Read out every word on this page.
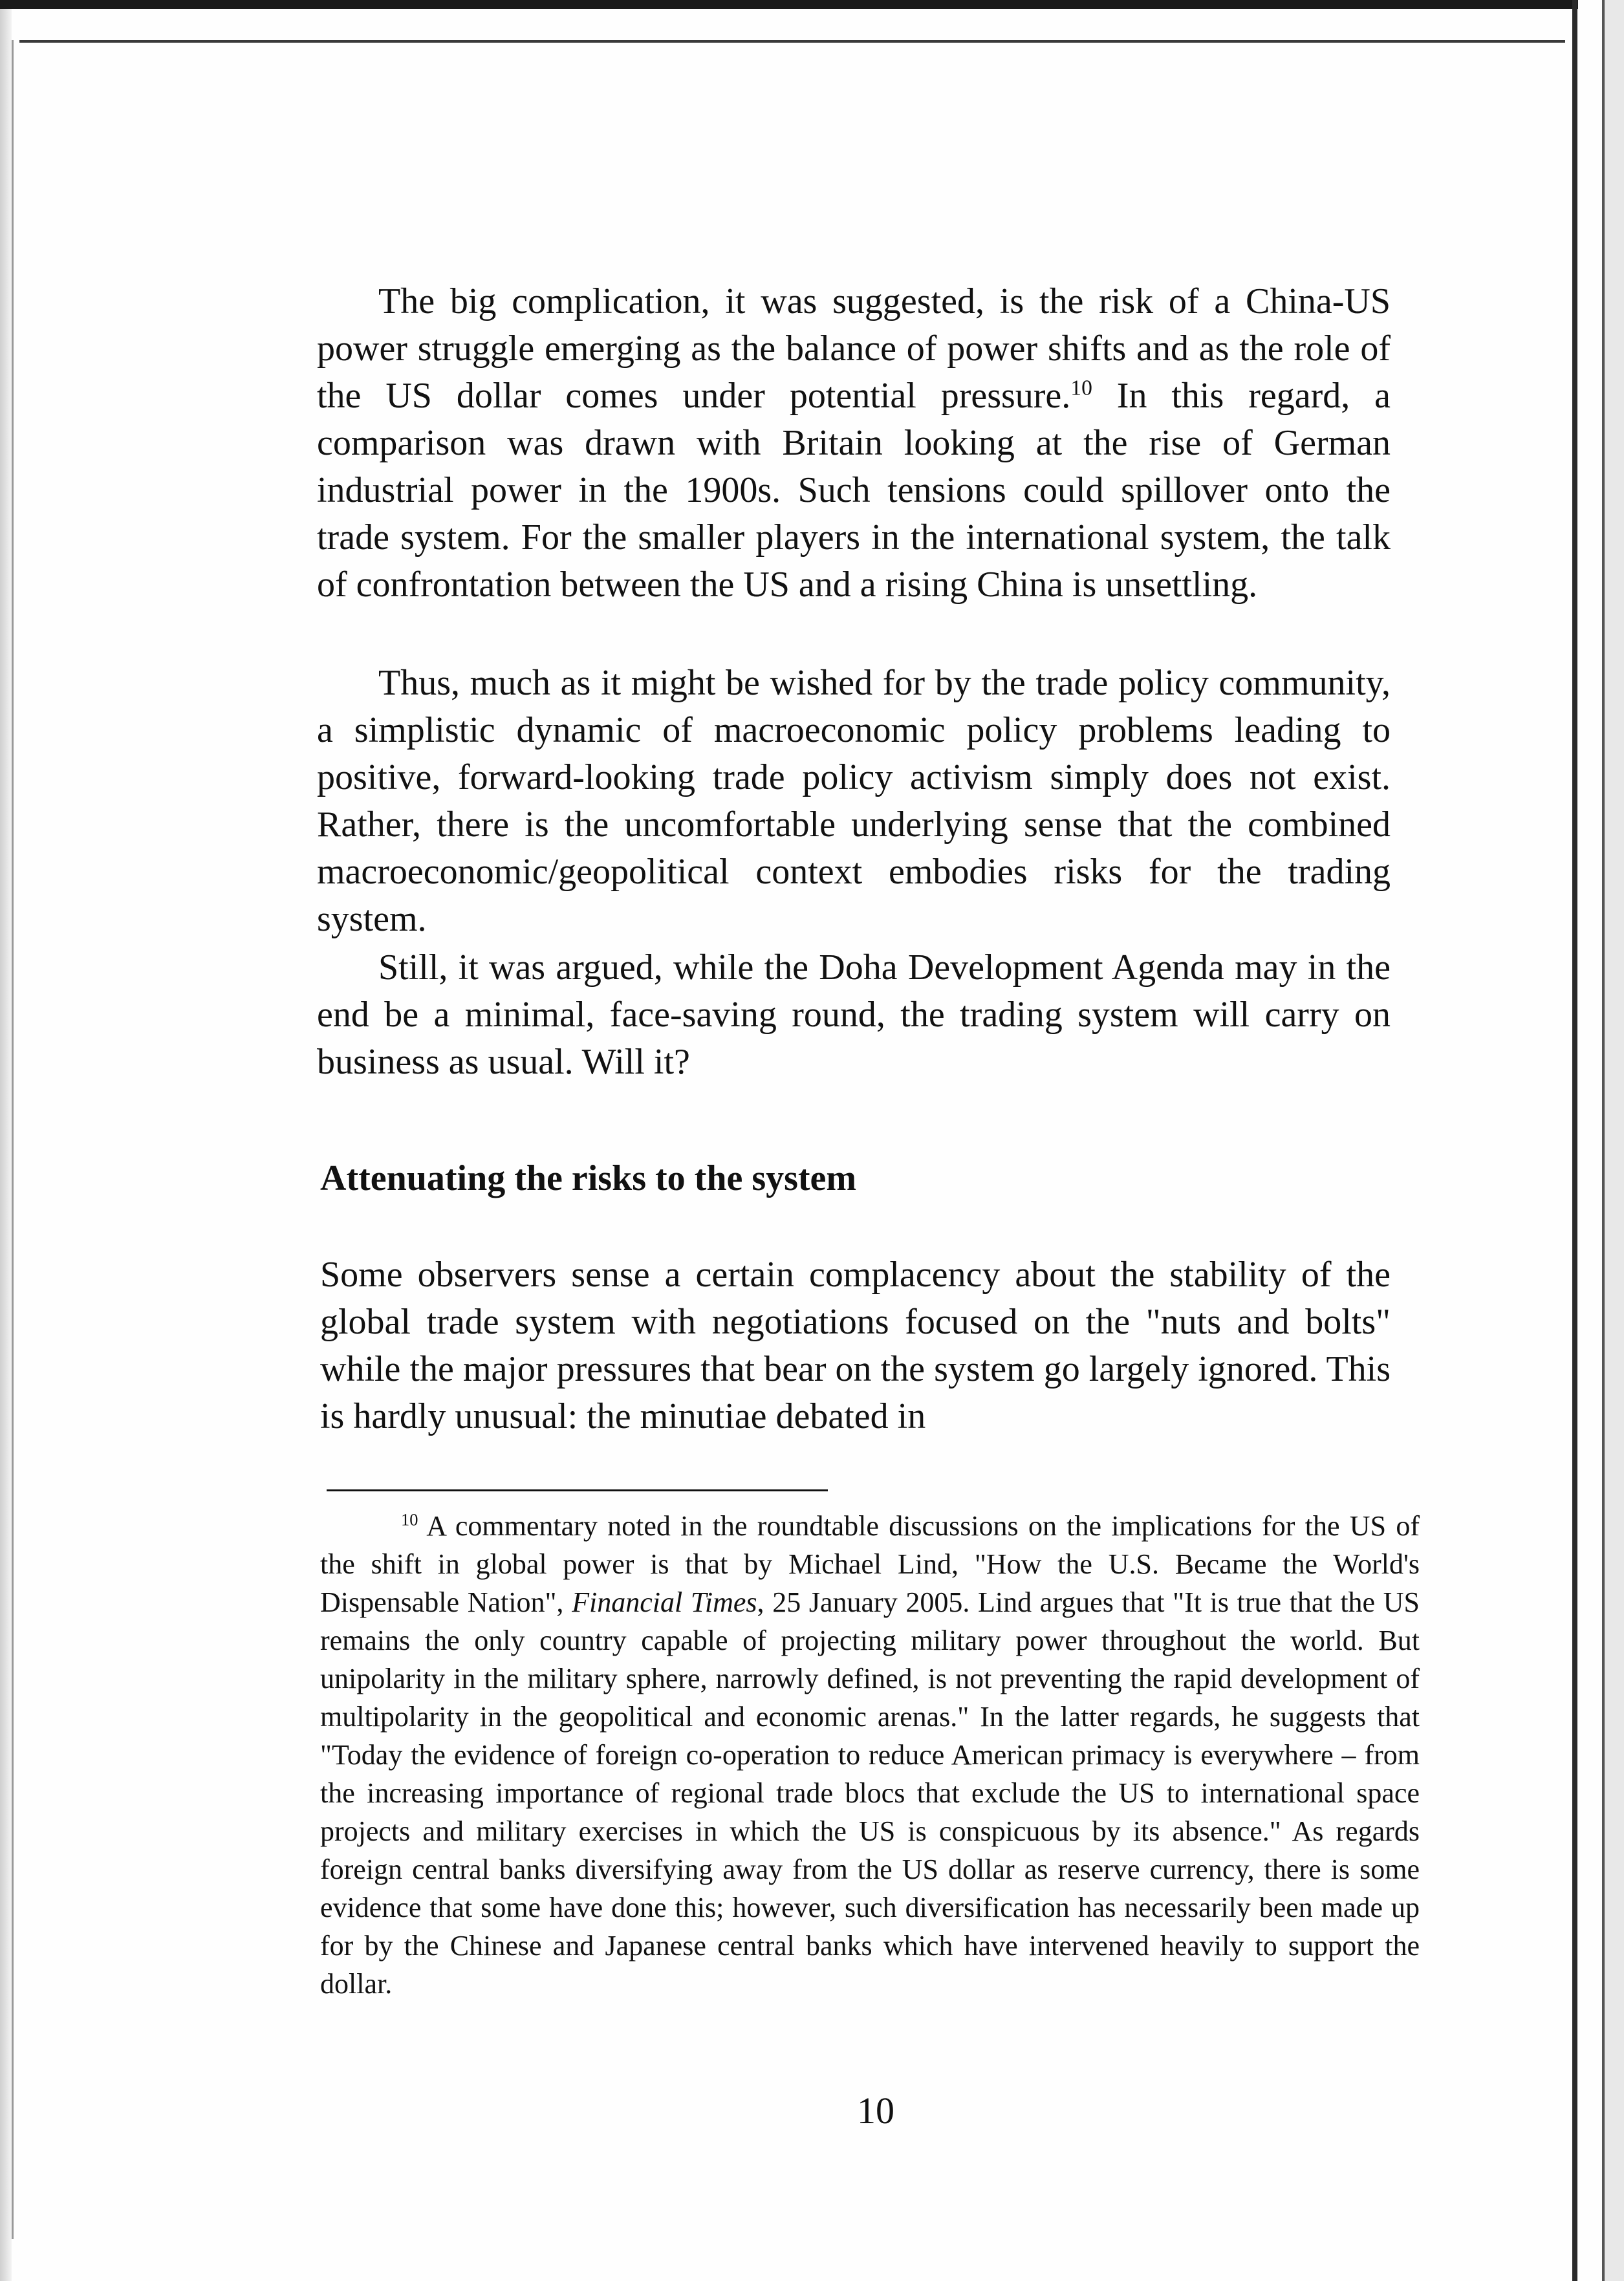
The big complication, it was suggested, is the risk of a China-US power struggle emerging as the balance of power shifts and as the role of the US dollar comes under potential pressure.$^{10}$ In this regard, a comparison was drawn with Britain looking at the rise of German industrial power in the 1900s. Such tensions could spillover onto the trade system. For the smaller players in the international system, the talk of confrontation between the US and a rising China is unsettling.

Thus, much as it might be wished for by the trade policy community, a simplistic dynamic of macroeconomic policy problems leading to positive, forward-looking trade policy activism simply does not exist. Rather, there is the uncomfortable underlying sense that the combined macroeconomic/geopolitical context embodies risks for the trading system.

Still, it was argued, while the Doha Development Agenda may in the end be a minimal, face-saving round, the trading system will carry on business as usual. Will it?

Attenuating the risks to the system

Some observers sense a certain complacency about the stability of the global trade system with negotiations focused on the "nuts and bolts" while the major pressures that bear on the system go largely ignored. This is hardly unusual: the minutiae debated in

$^{10}$ A commentary noted in the roundtable discussions on the implications for the US of the shift in global power is that by Michael Lind, "How the U.S. Became the World's Dispensable Nation", Financial Times, 25 January 2005. Lind argues that "It is true that the US remains the only country capable of projecting military power throughout the world. But unipolarity in the military sphere, narrowly defined, is not preventing the rapid development of multipolarity in the geopolitical and economic arenas." In the latter regards, he suggests that "Today the evidence of foreign co-operation to reduce American primacy is everywhere – from the increasing importance of regional trade blocs that exclude the US to international space projects and military exercises in which the US is conspicuous by its absence." As regards foreign central banks diversifying away from the US dollar as reserve currency, there is some evidence that some have done this; however, such diversification has necessarily been made up for by the Chinese and Japanese central banks which have intervened heavily to support the dollar.

10
